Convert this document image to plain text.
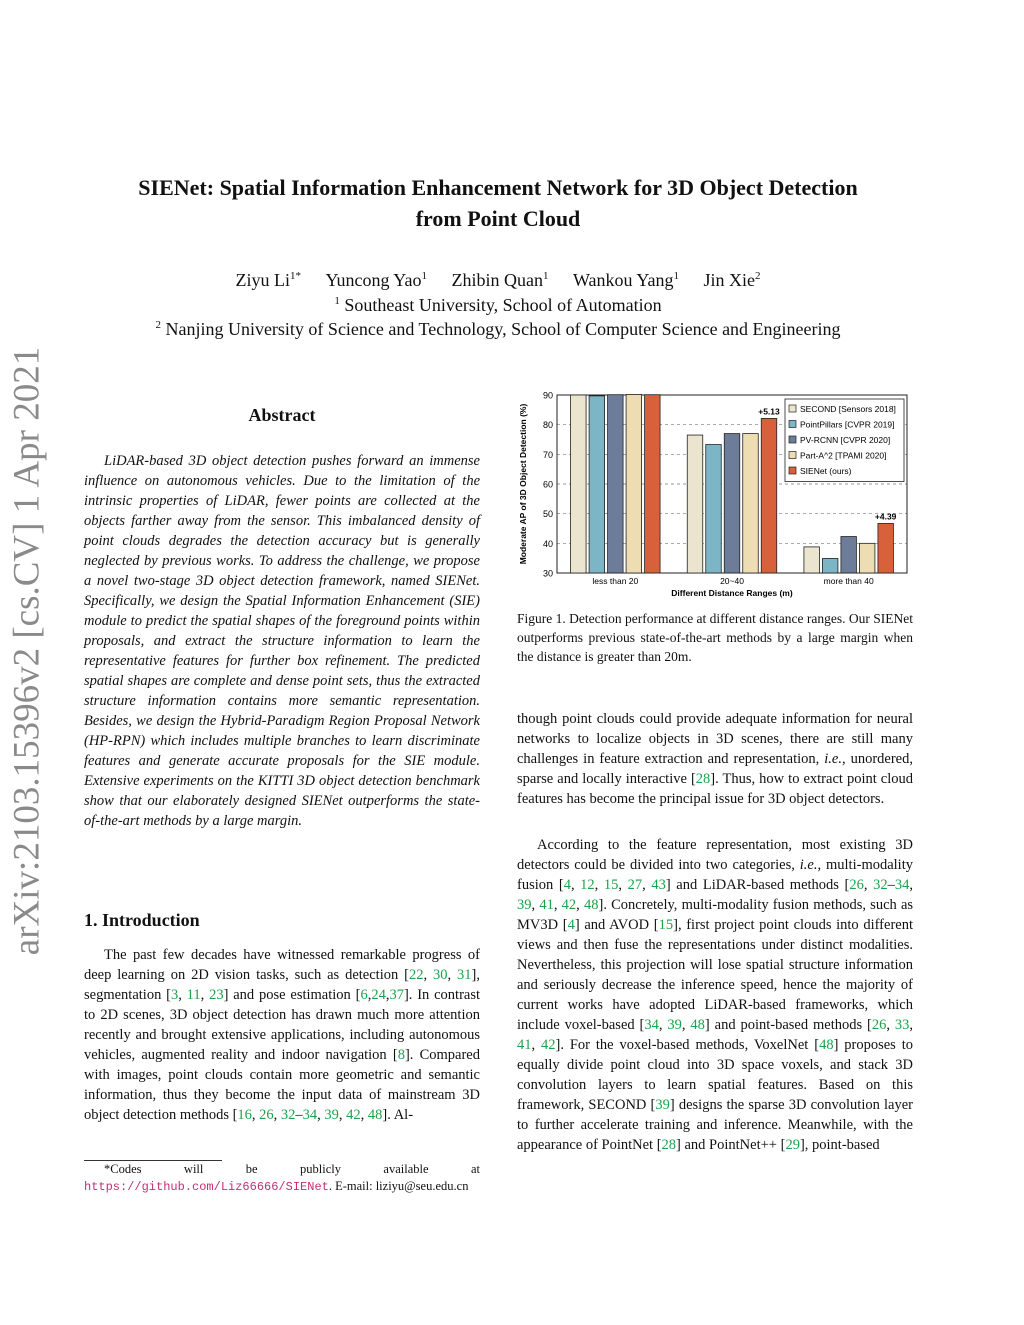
SIENet: Spatial Information Enhancement Network for 3D Object Detection
from Point Cloud
Ziyu $Li^{1*}$ Yuncong Yao$^1$ Zhibin Quan$^1$ Wankou Yang$^1$ Jin Xie$^2$
$^1$ Southeast University, School of Automation
$^2$ Nanjing University of Science and Technology, School of Computer Science and Engineering
arXiv:2103.15396v2 [cs.CV] 1 Apr 2021	Abstract
LiDAR-based 3D object detection pushes forward an immense influence on autonomous vehicles. Due to the limitation of the intrinsic properties of LiDAR, fewer points are collected at the objects farther away from the sensor. This imbalanced density of point clouds degrades the detection accuracy but is generally neglected by previous works. To address the challenge, we propose a novel two-stage 3D object detection framework, named SIENet. Specifically, we design the Spatial Information Enhancement (SIE) module to predict the spatial shapes of the foreground points within proposals, and extract the structure information to learn the representative features for further box refinement. The predicted spatial shapes are complete and dense point sets, thus the extracted structure information contains more semantic representation. Besides, we design the Hybrid-Paradigm Region Proposal Network (HP-RPN) which includes multiple branches to learn discriminate features and generate accurate proposals for the SIE module. Extensive experiments on the KITTI 3D object detection benchmark show that our elaborately designed SIENet outperforms the state-of-the-art methods by a large margin.
1. Introduction
The past few decades have witnessed remarkable progress of deep learning on 2D vision tasks, such as detection [22, 30, 31], segmentation [3, 11, 23] and pose estimation [6,24,37]. In contrast to 2D scenes, 3D object detection has drawn much more attention recently and brought extensive applications, including autonomous vehicles, augmented reality and indoor navigation [8]. Compared with images, point clouds contain more geometric and semantic information, thus they become the input data of mainstream 3D object detection methods [16, 26, 32–34, 39, 42, 48]. Al-
*Codes will be publicly available at https://github.com/Liz66666/SIENet. E-mail: liziyu@seu.edu.cn
30
40
50
60
70
80
90
less than 20	20~40
+5.13
more than 40
+4.39
Different Distance Ranges (m)
Moderate AP of 3D Object Detection (%)	SECOND [Sensors 2018]
PointPillars [CVPR 2019]
PV-RCNN [CVPR 2020]
Part-A^2 [TPAMI 2020]
SIENet (ours)
Figure 1. Detection performance at different distance ranges. Our SIENet outperforms previous state-of-the-art methods by a large margin when the distance is greater than 20m.
though point clouds could provide adequate information for neural networks to localize objects in 3D scenes, there are still many challenges in feature extraction and representation, i.e., unordered, sparse and locally interactive [28]. Thus, how to extract point cloud features has become the principal issue for 3D object detectors.
According to the feature representation, most existing 3D detectors could be divided into two categories, i.e., multi-modality fusion [4, 12, 15, 27, 43] and LiDAR-based methods [26, 32–34, 39, 41, 42, 48]. Concretely, multi-modality fusion methods, such as MV3D [4] and AVOD [15], first project point clouds into different views and then fuse the representations under distinct modalities. Nevertheless, this projection will lose spatial structure information and seriously decrease the inference speed, hence the majority of current works have adopted LiDAR-based frameworks, which include voxel-based [34, 39, 48] and point-based methods [26, 33, 41, 42]. For the voxel-based methods, VoxelNet [48] proposes to equally divide point cloud into 3D space voxels, and stack 3D convolution layers to learn spatial features. Based on this framework, SECOND [39] designs the sparse 3D convolution layer to further accelerate training and inference. Meanwhile, with the appearance of PointNet [28] and PointNet++ [29], point-based
